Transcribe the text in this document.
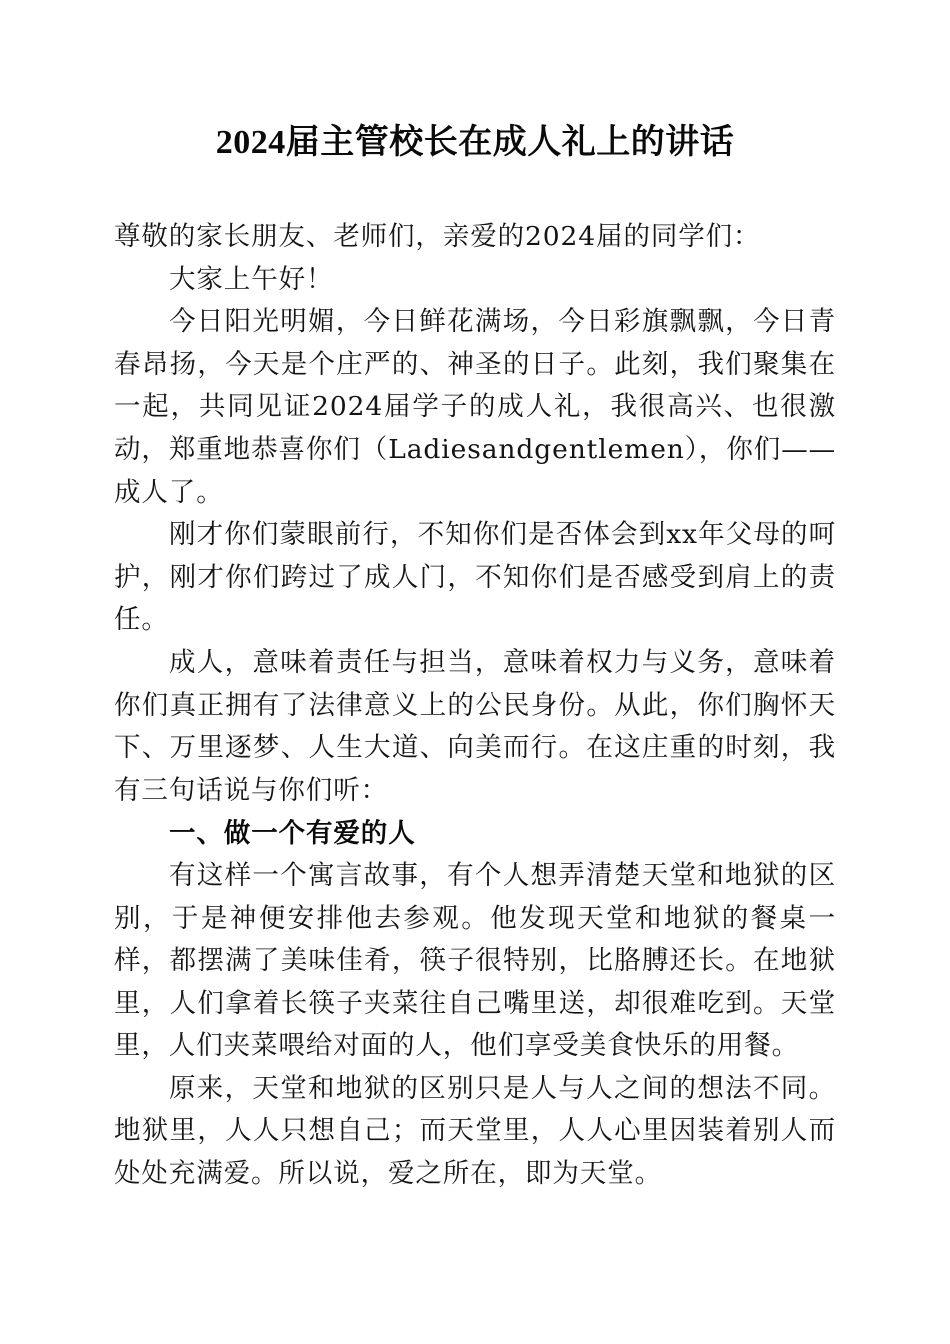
2024届主管校长在成人礼上的讲话

尊敬的家长朋友、老师们，亲爱的2024届的同学们：

大家上午好！

今日阳光明媚，今日鲜花满场，今日彩旗飘飘，今日青春昂扬，今天是个庄严的、神圣的日子。此刻，我们聚集在一起，共同见证2024届学子的成人礼，我很高兴、也很激动，郑重地恭喜你们（Ladiesandgentlemen），你们——成人了。

刚才你们蒙眼前行，不知你们是否体会到xx年父母的呵护，刚才你们跨过了成人门，不知你们是否感受到肩上的责任。

成人，意味着责任与担当，意味着权力与义务，意味着你们真正拥有了法律意义上的公民身份。从此，你们胸怀天下、万里逐梦、人生大道、向美而行。在这庄重的时刻，我有三句话说与你们听：

一、做一个有爱的人

有这样一个寓言故事，有个人想弄清楚天堂和地狱的区别，于是神便安排他去参观。他发现天堂和地狱的餐桌一样，都摆满了美味佳肴，筷子很特别，比胳膊还长。在地狱里，人们拿着长筷子夹菜往自己嘴里送，却很难吃到。天堂里，人们夹菜喂给对面的人，他们享受美食快乐的用餐。

原来，天堂和地狱的区别只是人与人之间的想法不同。地狱里，人人只想自己；而天堂里，人人心里因装着别人而处处充满爱。所以说，爱之所在，即为天堂。
